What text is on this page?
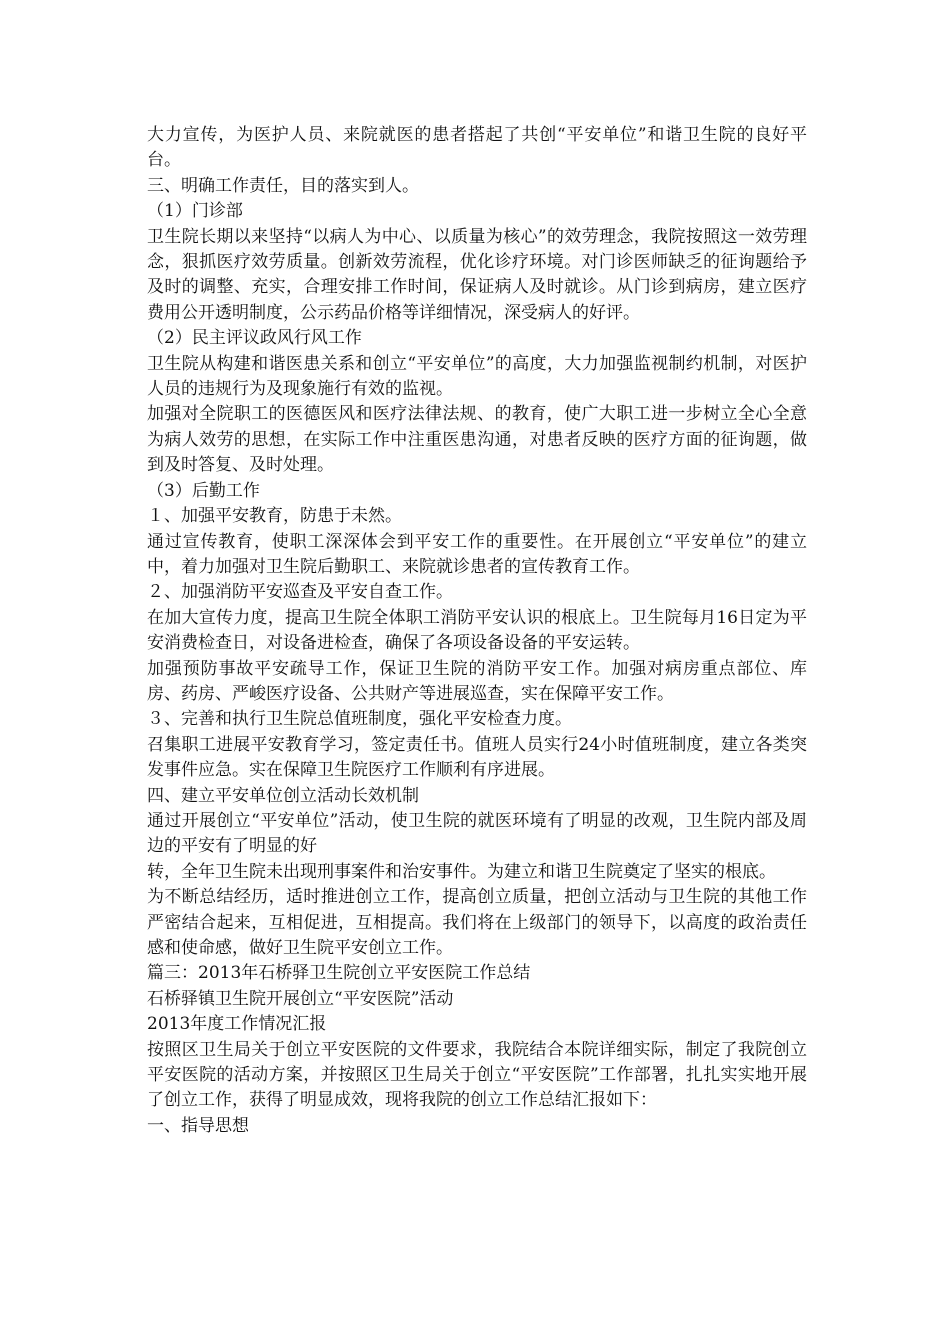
大力宣传，为医护人员、来院就医的患者搭起了共创“平安单位”和谐卫生院的良好平台。

三、明确工作责任，目的落实到人。

（1）门诊部

卫生院长期以来坚持“以病人为中心、以质量为核心”的效劳理念，我院按照这一效劳理念，狠抓医疗效劳质量。创新效劳流程，优化诊疗环境。对门诊医师缺乏的征询题给予及时的调整、充实，合理安排工作时间，保证病人及时就诊。从门诊到病房，建立医疗费用公开透明制度，公示药品价格等详细情况，深受病人的好评。

（2）民主评议政风行风工作

卫生院从构建和谐医患关系和创立“平安单位”的高度，大力加强监视制约机制，对医护人员的违规行为及现象施行有效的监视。

加强对全院职工的医德医风和医疗法律法规、的教育，使广大职工进一步树立全心全意为病人效劳的思想，在实际工作中注重医患沟通，对患者反映的医疗方面的征询题，做到及时答复、及时处理。

（3）后勤工作

１、加强平安教育，防患于未然。

通过宣传教育，使职工深深体会到平安工作的重要性。在开展创立“平安单位”的建立中，着力加强对卫生院后勤职工、来院就诊患者的宣传教育工作。

２、加强消防平安巡查及平安自查工作。

在加大宣传力度，提高卫生院全体职工消防平安认识的根底上。卫生院每月16日定为平安消费检查日，对设备进检查，确保了各项设备设备的平安运转。

加强预防事故平安疏导工作，保证卫生院的消防平安工作。加强对病房重点部位、库房、药房、严峻医疗设备、公共财产等进展巡查，实在保障平安工作。

３、完善和执行卫生院总值班制度，强化平安检查力度。

召集职工进展平安教育学习，签定责任书。值班人员实行24小时值班制度，建立各类突发事件应急。实在保障卫生院医疗工作顺利有序进展。

四、建立平安单位创立活动长效机制

通过开展创立“平安单位”活动，使卫生院的就医环境有了明显的改观，卫生院内部及周边的平安有了明显的好

转，全年卫生院未出现刑事案件和治安事件。为建立和谐卫生院奠定了坚实的根底。

为不断总结经历，适时推进创立工作，提高创立质量，把创立活动与卫生院的其他工作严密结合起来，互相促进，互相提高。我们将在上级部门的领导下，以高度的政治责任感和使命感，做好卫生院平安创立工作。

篇三：2013年石桥驿卫生院创立平安医院工作总结

石桥驿镇卫生院开展创立“平安医院”活动

2013年度工作情况汇报

按照区卫生局关于创立平安医院的文件要求，我院结合本院详细实际，制定了我院创立平安医院的活动方案，并按照区卫生局关于创立“平安医院”工作部署，扎扎实实地开展了创立工作，获得了明显成效，现将我院的创立工作总结汇报如下：

一、指导思想
